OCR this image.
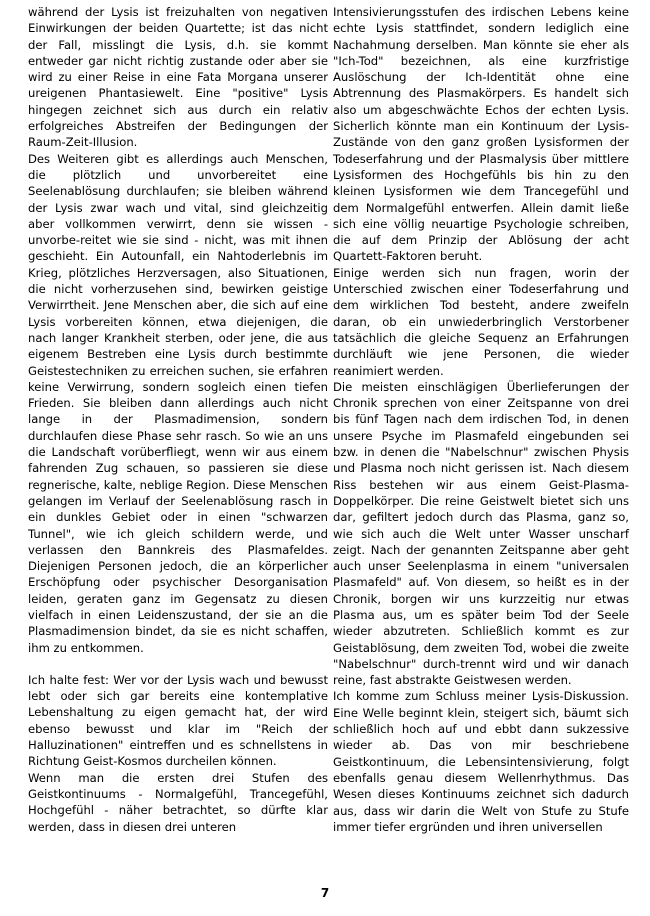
während der Lysis ist freizuhalten von negativen Einwirkungen der beiden Quartette; ist das nicht der Fall, misslingt die Lysis, d.h. sie kommt entweder gar nicht richtig zustande oder aber sie wird zu einer Reise in eine Fata Morgana unserer ureigenen Phantasiewelt. Eine "positive" Lysis hingegen zeichnet sich aus durch ein relativ erfolgreiches Abstreifen der Bedingungen der Raum-Zeit-Illusion.

Des Weiteren gibt es allerdings auch Menschen, die plötzlich und unvorbereitet eine Seelenablösung durchlaufen; sie bleiben während der Lysis zwar wach und vital, sind gleichzeitig aber vollkommen verwirrt, denn sie wissen - unvorbe-reitet wie sie sind - nicht, was mit ihnen geschieht. Ein Autounfall, ein Nahtoderlebnis im Krieg, plötzliches Herzversagen, also Situationen, die nicht vorherzusehen sind, bewirken geistige Verwirrtheit. Jene Menschen aber, die sich auf eine Lysis vorbereiten können, etwa diejenigen, die nach langer Krankheit sterben, oder jene, die aus eigenem Bestreben eine Lysis durch bestimmte Geistestechniken zu erreichen suchen, sie erfahren keine Verwirrung, sondern sogleich einen tiefen Frieden. Sie bleiben dann allerdings auch nicht lange in der Plasmadimension, sondern durchlaufen diese Phase sehr rasch. So wie an uns die Landschaft vorüberfliegt, wenn wir aus einem fahrenden Zug schauen, so passieren sie diese regnerische, kalte, neblige Region. Diese Menschen gelangen im Verlauf der Seelenablösung rasch in ein dunkles Gebiet oder in einen "schwarzen Tunnel", wie ich gleich schildern werde, und verlassen den Bannkreis des Plasmafeldes. Diejenigen Personen jedoch, die an körperlicher Erschöpfung oder psychischer Desorganisation leiden, geraten ganz im Gegensatz zu diesen vielfach in einen Leidenszustand, der sie an die Plasmadimension bindet, da sie es nicht schaffen, ihm zu entkommen.

Ich halte fest: Wer vor der Lysis wach und bewusst lebt oder sich gar bereits eine kontemplative Lebenshaltung zu eigen gemacht hat, der wird ebenso bewusst und klar im "Reich der Halluzinationen" eintreffen und es schnellstens in Richtung Geist-Kosmos durcheilen können.

Wenn man die ersten drei Stufen des Geistkontinuums - Normalgefühl, Trancegefühl, Hochgefühl - näher betrachtet, so dürfte klar werden, dass in diesen drei unteren

Intensivierungsstufen des irdischen Lebens keine echte Lysis stattfindet, sondern lediglich eine Nachahmung derselben. Man könnte sie eher als "Ich-Tod" bezeichnen, als eine kurzfristige Auslöschung der Ich-Identität ohne eine Abtrennung des Plasmakörpers. Es handelt sich also um abgeschwächte Echos der echten Lysis. Sicherlich könnte man ein Kontinuum der Lysis-Zustände von den ganz großen Lysisformen der Todeserfahrung und der Plasmalysis über mittlere Lysisformen des Hochgefühls bis hin zu den kleinen Lysisformen wie dem Trancegefühl und dem Normalgefühl entwerfen. Allein damit ließe sich eine völlig neuartige Psychologie schreiben, die auf dem Prinzip der Ablösung der acht Quartett-Faktoren beruht.

Einige werden sich nun fragen, worin der Unterschied zwischen einer Todeserfahrung und dem wirklichen Tod besteht, andere zweifeln daran, ob ein unwiederbringlich Verstorbener tatsächlich die gleiche Sequenz an Erfahrungen durchläuft wie jene Personen, die wieder reanimiert werden.

Die meisten einschlägigen Überlieferungen der Chronik sprechen von einer Zeitspanne von drei bis fünf Tagen nach dem irdischen Tod, in denen unsere Psyche im Plasmafeld eingebunden sei bzw. in denen die "Nabelschnur" zwischen Physis und Plasma noch nicht gerissen ist. Nach diesem Riss bestehen wir aus einem Geist-Plasma-Doppelkörper. Die reine Geistwelt bietet sich uns dar, gefiltert jedoch durch das Plasma, ganz so, wie sich auch die Welt unter Wasser unscharf zeigt. Nach der genannten Zeitspanne aber geht auch unser Seelenplasma in einem "universalen Plasmafeld" auf. Von diesem, so heißt es in der Chronik, borgen wir uns kurzzeitig nur etwas Plasma aus, um es später beim Tod der Seele wieder abzutreten. Schließlich kommt es zur Geistablösung, dem zweiten Tod, wobei die zweite "Nabelschnur" durch-trennt wird und wir danach reine, fast abstrakte Geistwesen werden.

Ich komme zum Schluss meiner Lysis-Diskussion. Eine Welle beginnt klein, steigert sich, bäumt sich schließlich hoch auf und ebbt dann sukzessive wieder ab. Das von mir beschriebene Geistkontinuum, die Lebensintensivierung, folgt ebenfalls genau diesem Wellenrhythmus. Das Wesen dieses Kontinuums zeichnet sich dadurch aus, dass wir darin die Welt von Stufe zu Stufe immer tiefer ergründen und ihren universellen

7
